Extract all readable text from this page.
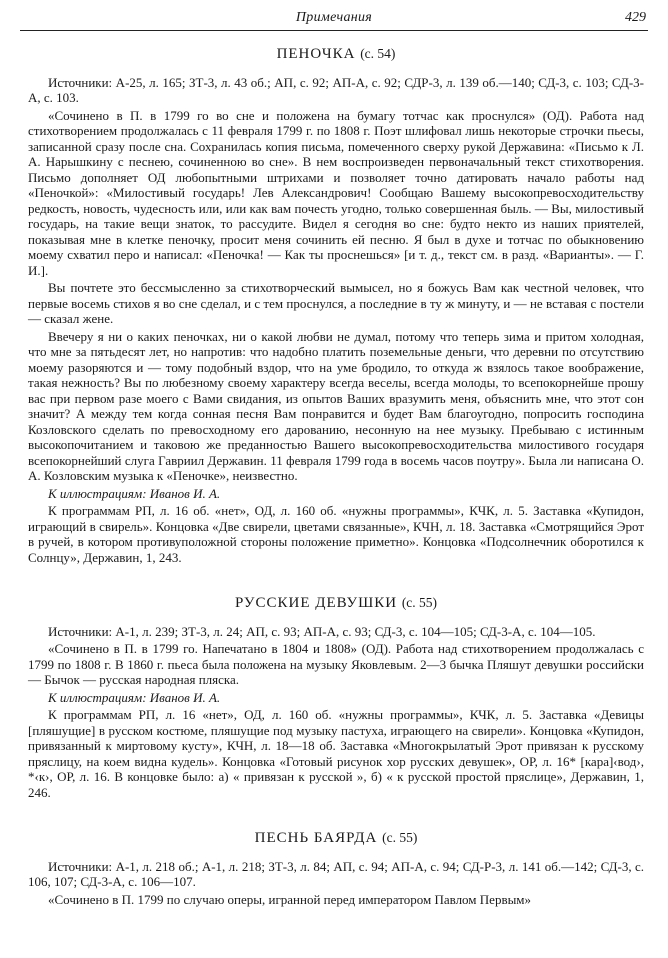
Примечания	429
ПЕНОЧКА (с. 54)

Источники: А-25, л. 165; ЗТ-3, л. 43 об.; АП, с. 92; АП-А, с. 92; СДР-3, л. 139 об.—140; СД-3, с. 103; СД-3-А, с. 103.

«Сочинено в П. в 1799 го во сне и положена на бумагу тотчас как проснулся» (ОД). Работа над стихотворением продолжалась с 11 февраля 1799 г. по 1808 г. Поэт шлифовал лишь некоторые строчки пьесы, записанной сразу после сна. Сохранилась копия письма, помеченного сверху рукой Державина: «Письмо к Л. А. Нарышкину с песнею, сочиненною во сне». В нем воспроизведен первоначальный текст стихотворения. Письмо дополняет ОД любопытными штрихами и позволяет точно датировать начало работы над «Пеночкой»: «Милостивый государь! Лев Александрович! Сообщаю Вашему высокопревосходительству редкость, новость, чудесность или, или как вам почесть угодно, только совершенная быль. — Вы, милостивый государь, на такие вещи знаток, то рассудите. Видел я сегодня во сне: будто некто из наших приятелей, показывая мне в клетке пеночку, просит меня сочинить ей песню. Я был в духе и тотчас по обыкновению моему схватил перо и написал: «Пеночка! — Как ты проснешься» [и т. д., текст см. в разд. «Варианты». — Г. И.].

Вы почтете это бессмысленно за стихотворческий вымысел, но я божусь Вам как честной человек, что первые восемь стихов я во сне сделал, и с тем проснулся, а последние в ту ж минуту, и — не вставая с постели — сказал жене.

Ввечеру я ни о каких пеночках, ни о какой любви не думал, потому что теперь зима и притом холодная, что мне за пятьдесят лет, но напротив: что надобно платить поземельные деньги, что деревни по отсутствию моему разоряются и — тому подобный вздор, что на уме бродило, то откуда ж взялось такое воображение, такая нежность? Вы по любезному своему характеру всегда веселы, всегда молоды, то всепокорнейше прошу вас при первом разе моего с Вами свидания, из опытов Ваших вразумить меня, объяснить мне, что этот сон значит? А между тем когда сонная песня Вам понравится и будет Вам благоугодно, попросить господина Козловского сделать по превосходному его дарованию, несонную на нее музыку. Пребываю с истинным высокопочитанием и таковою же преданностью Вашего высокопревосходительства милостивого государя всепокорнейший слуга Гавриил Державин. 11 февраля 1799 года в восемь часов поутру». Была ли написана О. А. Козловским музыка к «Пеночке», неизвестно.

К иллюстрациям: Иванов И. А.

К программам РП, л. 16 об. «нет», ОД, л. 160 об. «нужны программы», КЧК, л. 5. Заставка «Купидон, играющий в свирель». Концовка «Две свирели, цветами связанные», КЧН, л. 18. Заставка «Смотрящийся Эрот в ручей, в котором противуположной стороны положение приметно». Концовка «Подсолнечник оборотился к Солнцу», Державин, 1, 243.

РУССКИЕ ДЕВУШКИ (с. 55)

Источники: А-1, л. 239; ЗТ-3, л. 24; АП, с. 93; АП-А, с. 93; СД-3, с. 104—105; СД-3-А, с. 104—105.

«Сочинено в П. в 1799 го. Напечатано в 1804 и 1808» (ОД). Работа над стихотворением продолжалась с 1799 по 1808 г. В 1860 г. пьеса была положена на музыку Яковлевым. 2—3 бычка Пляшут девушки российски — Бычок — русская народная пляска.

К иллюстрациям: Иванов И. А.

К программам РП, л. 16 «нет», ОД, л. 160 об. «нужны программы», КЧК, л. 5. Заставка «Девицы [пляшущие] в русском костюме, пляшущие под музыку пастуха, играющего на свирели». Концовка «Купидон, привязанный к миртовому кусту», КЧН, л. 18—18 об. Заставка «Многокрылатый Эрот привязан к русскому пряслицу, на коем видна кудель». Концовка «Готовый рисунок хор русских девушек», ОР, л. 16* [кара]‹вод›, *‹к›, ОР, л. 16. В концовке было: а) « привязан к русской », б) « к русской простой пряслице», Державин, 1, 246.

ПЕСНЬ БАЯРДА (с. 55)

Источники: А-1, л. 218 об.; А-1, л. 218; ЗТ-3, л. 84; АП, с. 94; АП-А, с. 94; СД-Р-3, л. 141 об.—142; СД-3, с. 106, 107; СД-3-А, с. 106—107.

«Сочинено в П. 1799 по случаю оперы, игранной перед императором Павлом Первым»
